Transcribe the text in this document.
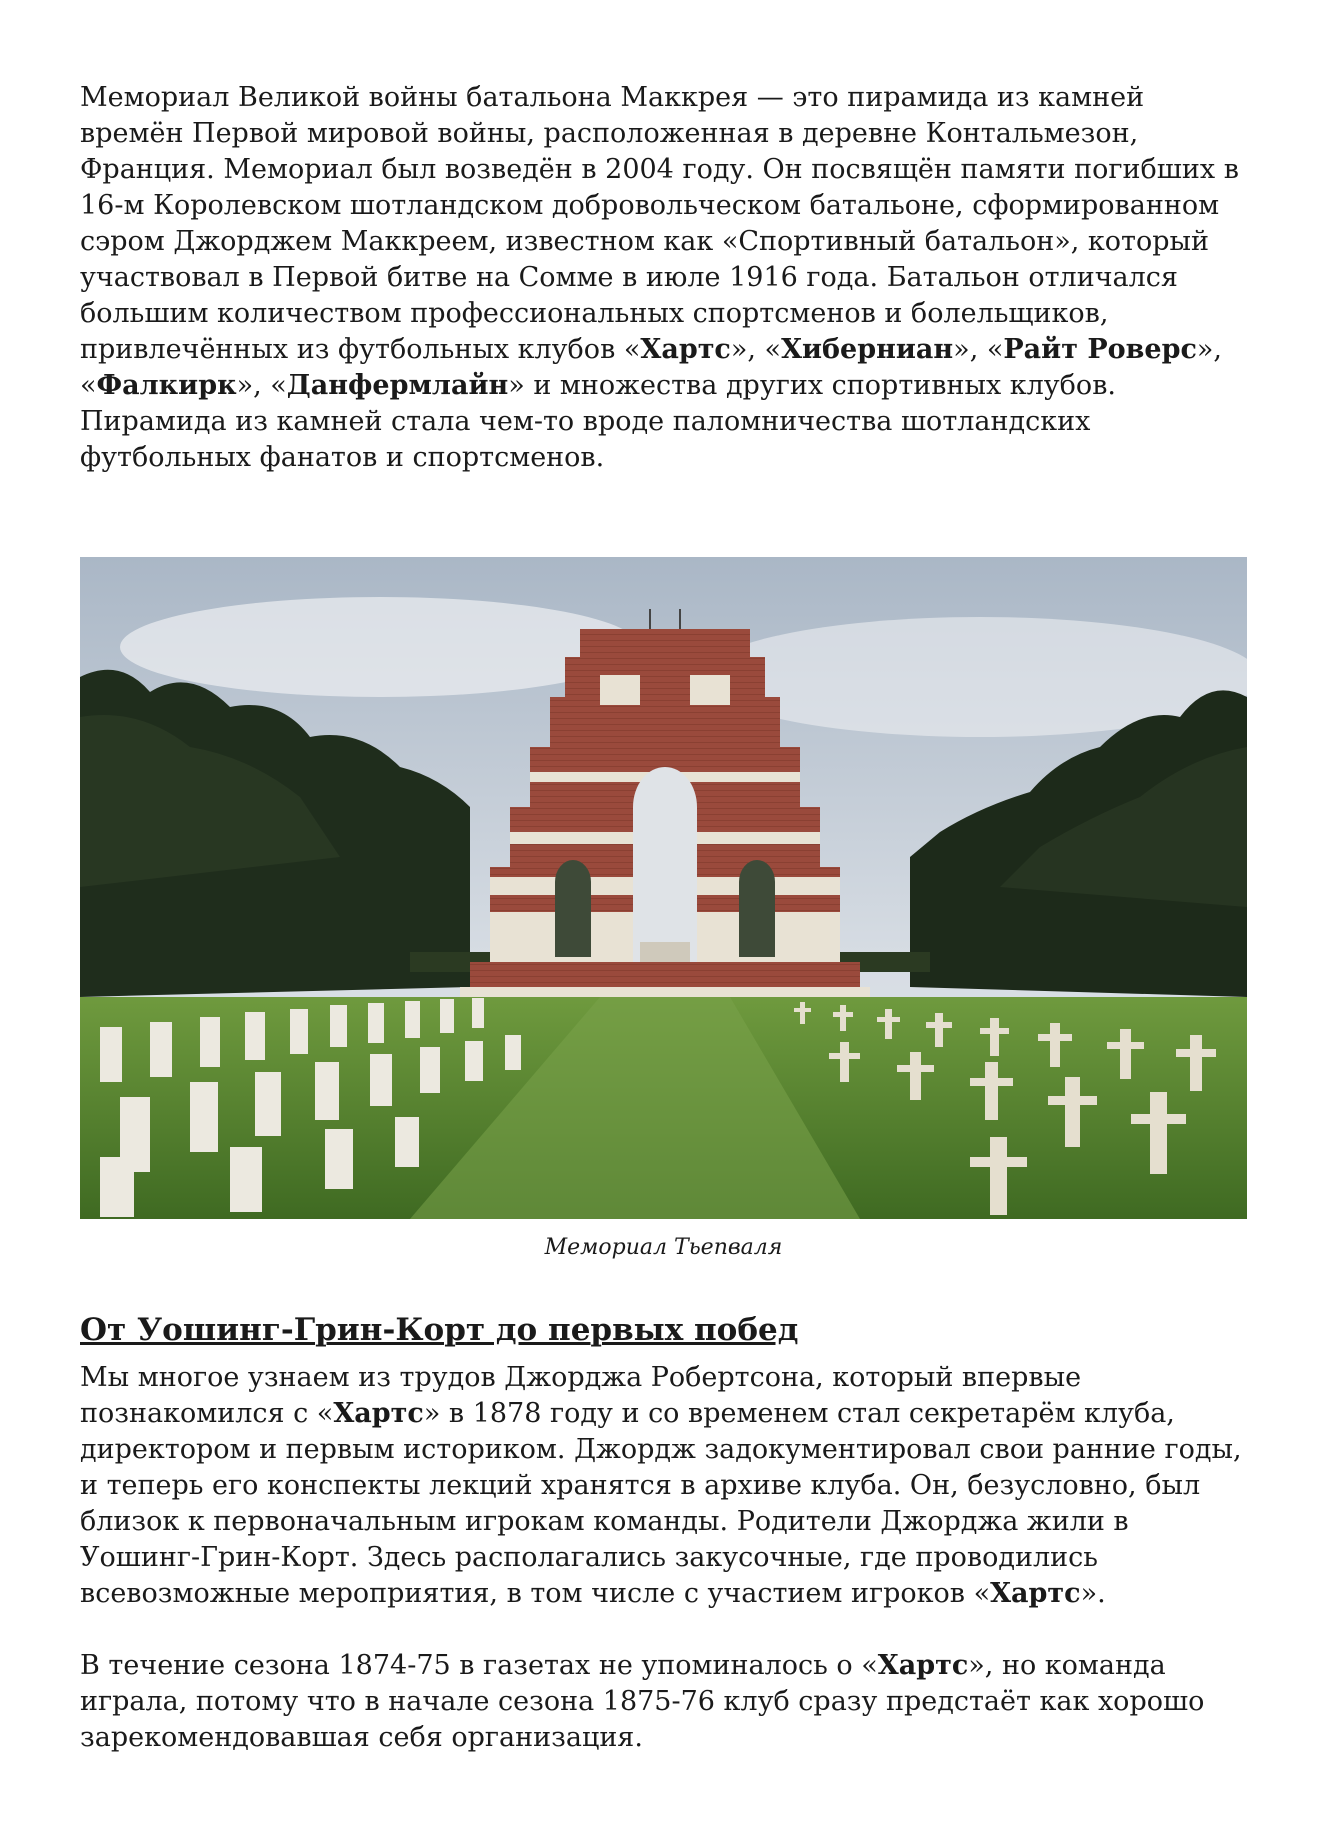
Мемориал Великой войны батальона Маккрея — это пирамида из камней времён Первой мировой войны, расположенная в деревне Контальмезон, Франция. Мемориал был возведён в 2004 году. Он посвящён памяти погибших в 16-м Королевском шотландском добровольческом батальоне, сформированном сэром Джорджем Маккреем, известном как «Спортивный батальон», который участвовал в Первой битве на Сомме в июле 1916 года. Батальон отличался большим количеством профессиональных спортсменов и болельщиков, привлечённых из футбольных клубов «Хартс», «Хиберниан», «Райт Роверс», «Фалкирк», «Данфермлайн» и множества других спортивных клубов. Пирамида из камней стала чем-то вроде паломничества шотландских футбольных фанатов и спортсменов.

Мемориал Тьепваля

От Уошинг-Грин-Корт до первых побед

Мы многое узнаем из трудов Джорджа Робертсона, который впервые познакомился с «Хартс» в 1878 году и со временем стал секретарём клуба, директором и первым историком. Джордж задокументировал свои ранние годы, и теперь его конспекты лекций хранятся в архиве клуба. Он, безусловно, был близок к первоначальным игрокам команды. Родители Джорджа жили в Уошинг-Грин-Корт. Здесь располагались закусочные, где проводились всевозможные мероприятия, в том числе с участием игроков «Хартс».

В течение сезона 1874-75 в газетах не упоминалось о «Хартс», но команда играла, потому что в начале сезона 1875-76 клуб сразу предстаёт как хорошо зарекомендовавшая себя организация.
